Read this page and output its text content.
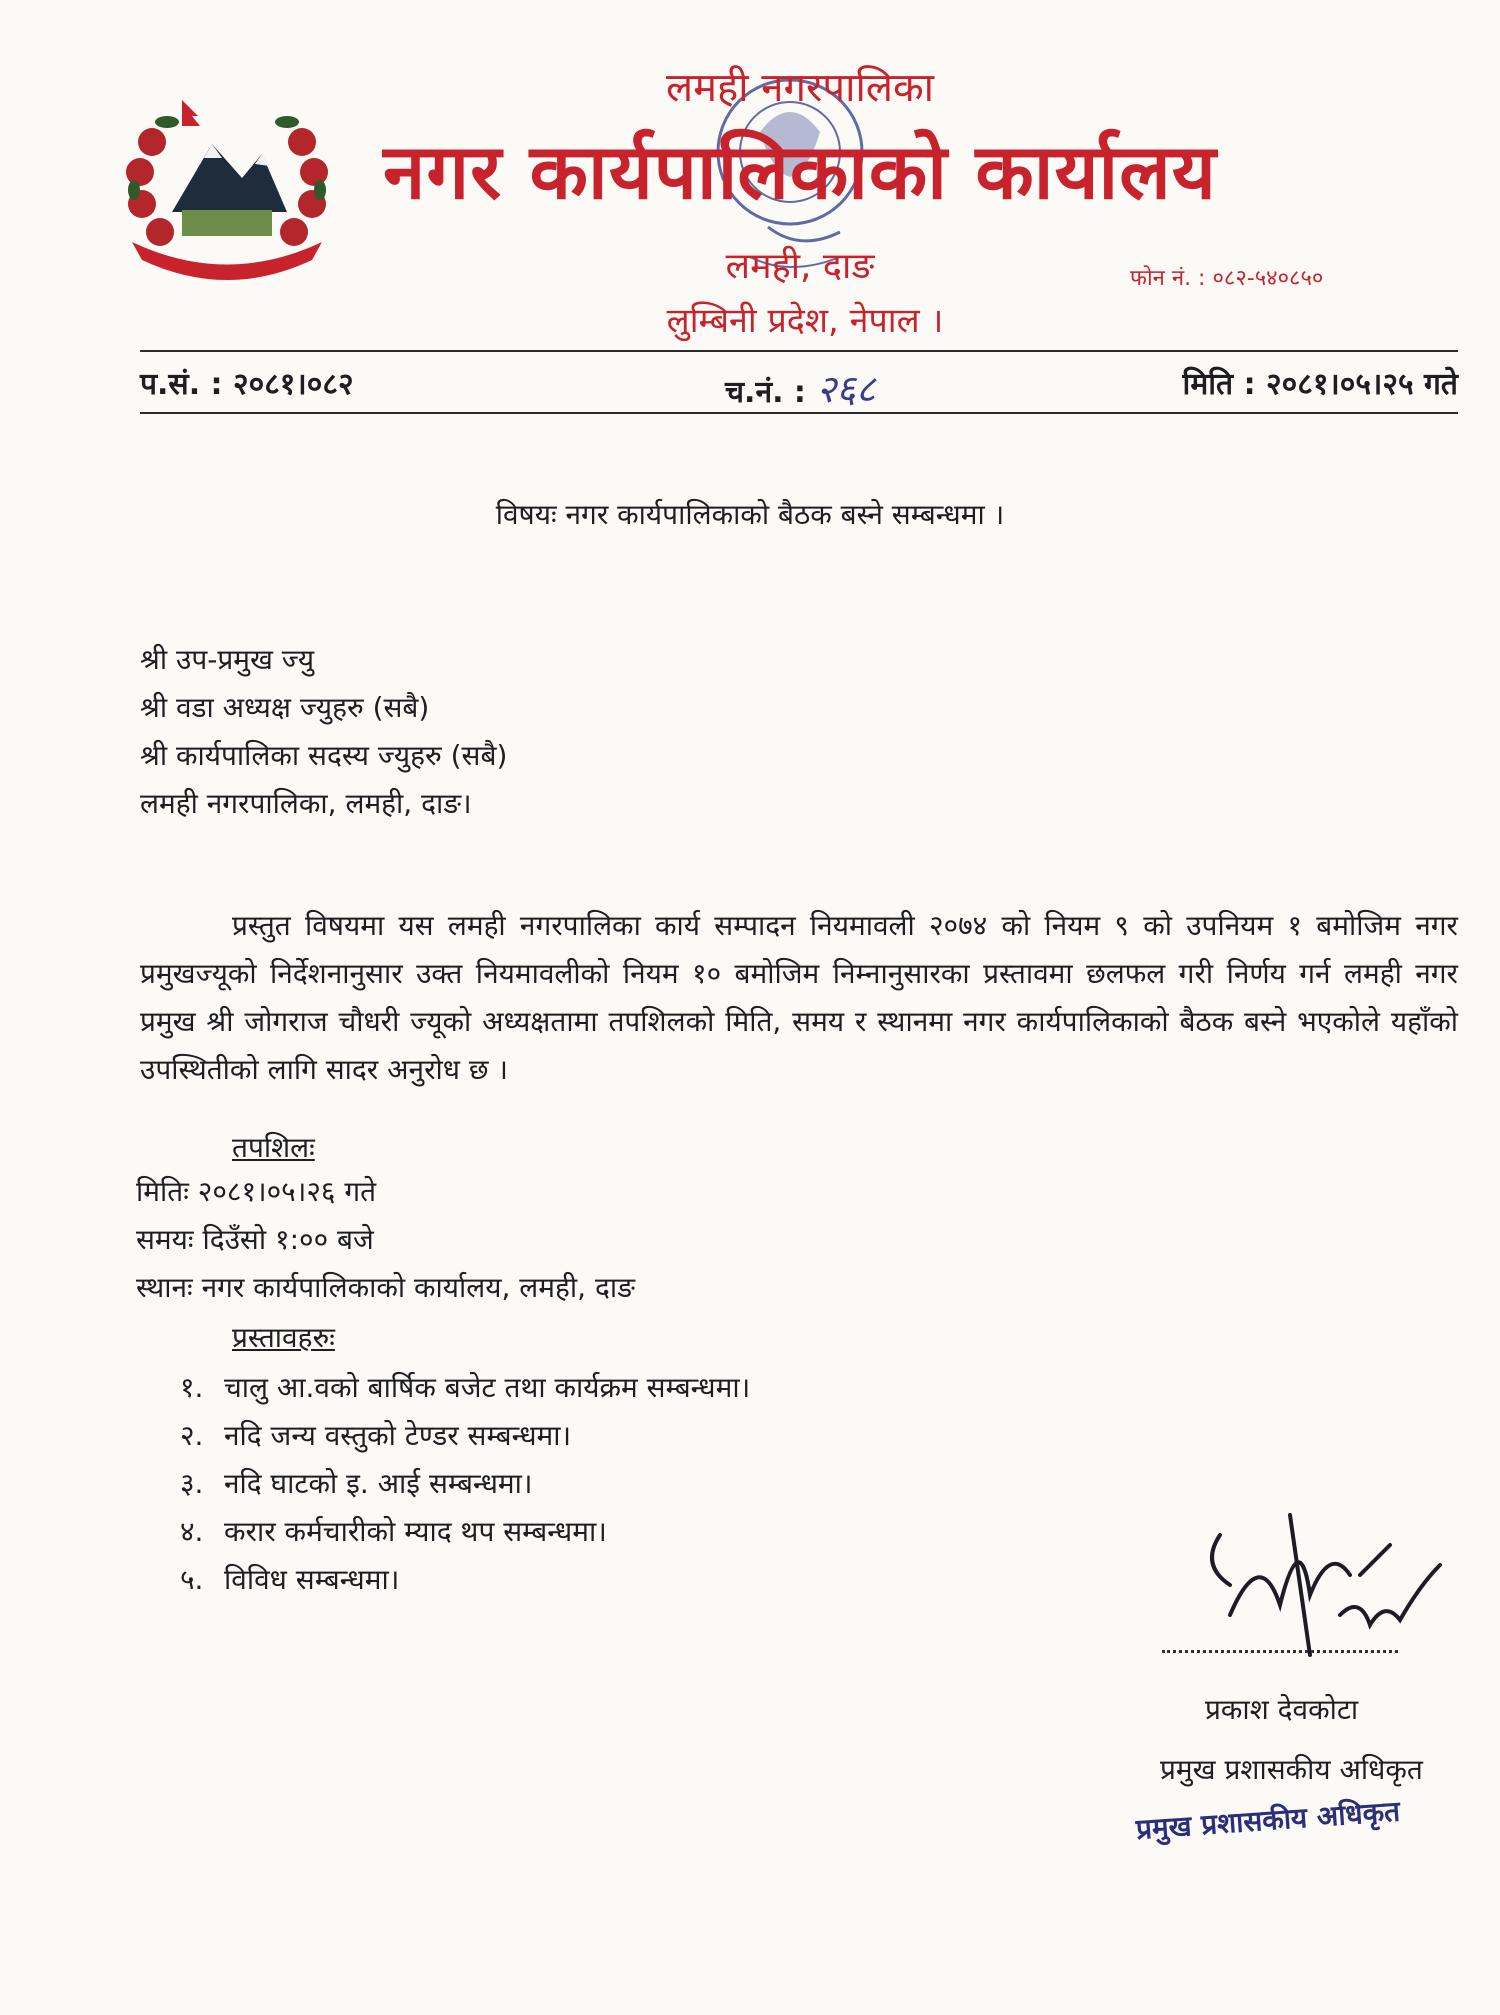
लमही नगरपालिका
नगर कार्यपालिकाको कार्यालय
लमही, दाङ	फोन नं. : ०८२-५४०८५०
लुम्बिनी प्रदेश, नेपाल ।
प.सं. : २०८१।०८२	च.नं. : २६८	मिति : २०८१।०५।२५ गते
विषयः नगर कार्यपालिकाको बैठक बस्ने सम्बन्धमा ।
श्री उप-प्रमुख ज्यु
श्री वडा अध्यक्ष ज्युहरु (सबै)
श्री कार्यपालिका सदस्य ज्युहरु (सबै)
लमही नगरपालिका, लमही, दाङ।
प्रस्तुत विषयमा यस लमही नगरपालिका कार्य सम्पादन नियमावली २०७४ को नियम ९ को उपनियम १ बमोजिम नगर प्रमुखज्यूको निर्देशनानुसार उक्त नियमावलीको नियम १० बमोजिम निम्नानुसारका प्रस्तावमा छलफल गरी निर्णय गर्न लमही नगर प्रमुख श्री जोगराज चौधरी ज्यूको अध्यक्षतामा तपशिलको मिति, समय र स्थानमा नगर कार्यपालिकाको बैठक बस्ने भएकोले यहाँको उपस्थितीको लागि सादर अनुरोध छ ।
तपशिलः
मितिः २०८१।०५।२६ गते
समयः दिउँसो १:०० बजे
स्थानः नगर कार्यपालिकाको कार्यालय, लमही, दाङ
प्रस्तावहरुः
१. चालु आ.वको बार्षिक बजेट तथा कार्यक्रम सम्बन्धमा।
२. नदि जन्य वस्तुको टेण्डर सम्बन्धमा।
३. नदि घाटको इ. आई सम्बन्धमा।
४. करार कर्मचारीको म्याद थप सम्बन्धमा।
५. विविध सम्बन्धमा।
प्रकाश देवकोटा
प्रमुख प्रशासकीय अधिकृत
प्रमुख प्रशासकीय अधिकृत
